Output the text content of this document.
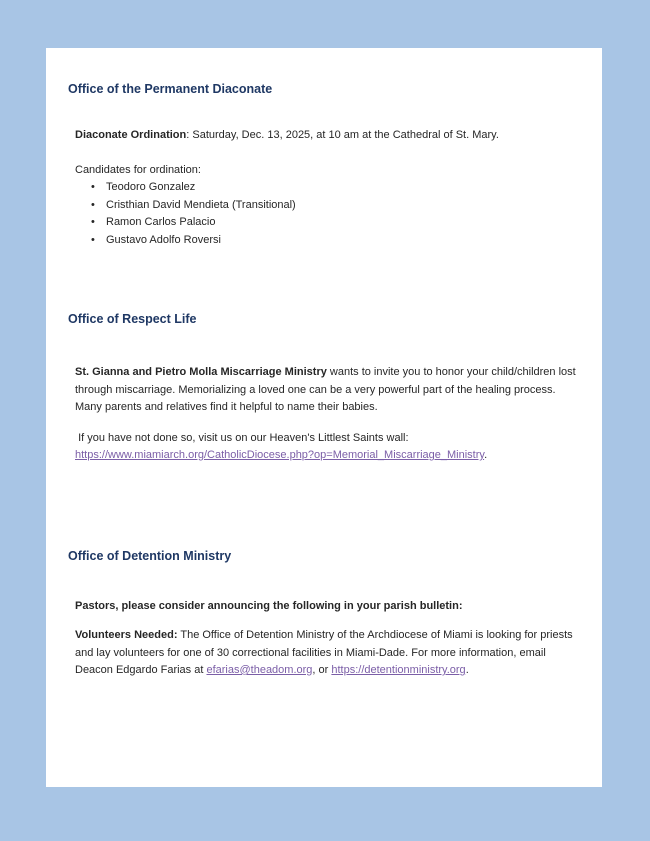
Office of the Permanent Diaconate

Diaconate Ordination: Saturday, Dec. 13, 2025, at 10 am at the Cathedral of St. Mary.

Candidates for ordination:

• Teodoro Gonzalez
• Cristhian David Mendieta (Transitional)
• Ramon Carlos Palacio
• Gustavo Adolfo Roversi
Office of Respect Life

St. Gianna and Pietro Molla Miscarriage Ministry wants to invite you to honor your child/children lost through miscarriage. Memorializing a loved one can be a very powerful part of the healing process. Many parents and relatives find it helpful to name their babies.

If you have not done so, visit us on our Heaven's Littlest Saints wall:
https://www.miamiarch.org/CatholicDiocese.php?op=Memorial_Miscarriage_Ministry.

Office of Detention Ministry

Pastors, please consider announcing the following in your parish bulletin:

Volunteers Needed: The Office of Detention Ministry of the Archdiocese of Miami is looking for priests and lay volunteers for one of 30 correctional facilities in Miami-Dade. For more information, email Deacon Edgardo Farias at efarias@theadom.org, or https://detentionministry.org.
